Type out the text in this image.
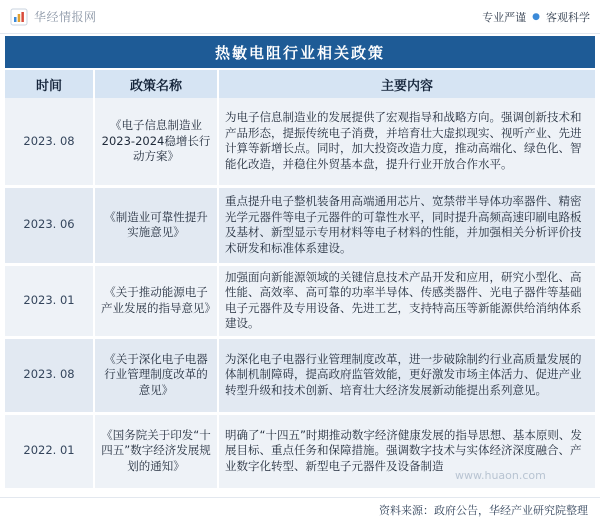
华经情报网	专业严谨 ● 客观科学
热敏电阻行业相关政策
时间	政策名称	主要内容
2023. 08	《电子信息制造业2023-2024稳增长行动方案》	为电子信息制造业的发展提供了宏观指导和战略方向。强调创新技术和产品形态，提振传统电子消费，并培育壮大虚拟现实、视听产业、先进计算等新增长点。同时，加大投资改造力度，推动高端化、绿色化、智能化改造，并稳住外贸基本盘，提升行业开放合作水平。
2023. 06	《制造业可靠性提升实施意见》	重点提升电子整机装备用高端通用芯片、宽禁带半导体功率器件、精密光学元器件等电子元器件的可靠性水平，同时提升高频高速印刷电路板及基材、新型显示专用材料等电子材料的性能，并加强相关分析评价技术研发和标准体系建设。
2023. 01	《关于推动能源电子产业发展的指导意见》	加强面向新能源领域的关键信息技术产品开发和应用，研究小型化、高性能、高效率、高可靠的功率半导体、传感类器件、光电子器件等基础电子元器件及专用设备、先进工艺，支持特高压等新能源供给消纳体系建设。
2023. 08	《关于深化电子电器行业管理制度改革的意见》	为深化电子电器行业管理制度改革，进一步破除制约行业高质量发展的体制机制障碍，提高政府监管效能，更好激发市场主体活力、促进产业转型升级和技术创新、培育壮大经济发展新动能提出系列意见。
2022. 01	《国务院关于印发“十四五”数字经济发展规划的通知》	明确了“十四五”时期推动数字经济健康发展的指导思想、基本原则、发展目标、重点任务和保障措施。强调数字技术与实体经济深度融合、产业数字化转型、新型电子元器件及设备制造
www.huaon.com
资料来源：政府公告，华经产业研究院整理
